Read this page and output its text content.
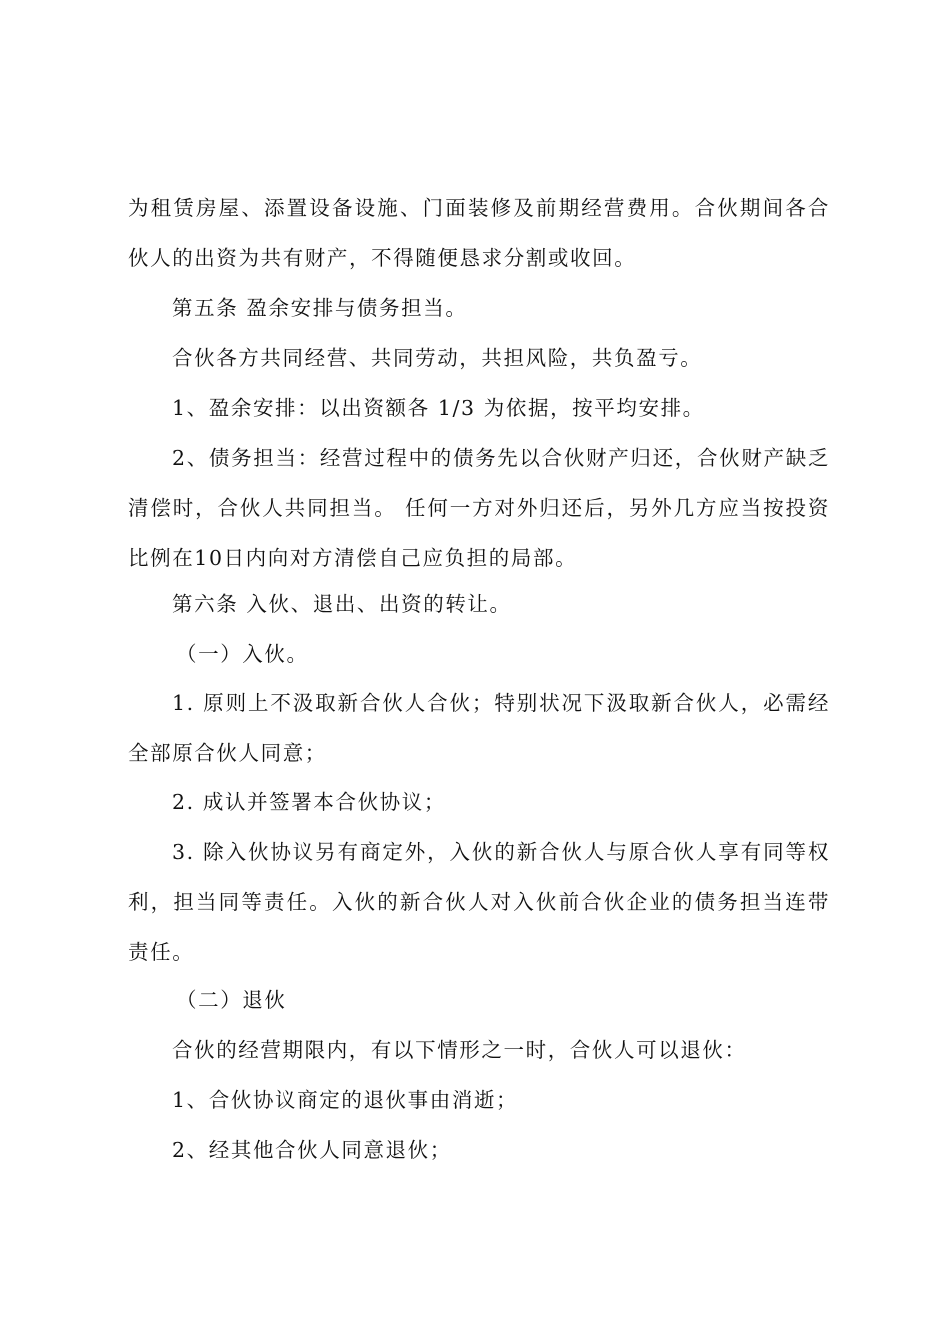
为租赁房屋、添置设备设施、门面装修及前期经营费用。合伙期间各合伙人的出资为共有财产，不得随便恳求分割或收回。

第五条 盈余安排与债务担当。

合伙各方共同经营、共同劳动，共担风险，共负盈亏。

1、盈余安排：以出资额各 1/3 为依据，按平均安排。

2、债务担当：经营过程中的债务先以合伙财产归还，合伙财产缺乏清偿时，合伙人共同担当。 任何一方对外归还后，另外几方应当按投资比例在10日内向对方清偿自己应负担的局部。

第六条 入伙、退出、出资的转让。

（一）入伙。

1. 原则上不汲取新合伙人合伙；特别状况下汲取新合伙人，必需经全部原合伙人同意；

2. 成认并签署本合伙协议；

3. 除入伙协议另有商定外，入伙的新合伙人与原合伙人享有同等权利，担当同等责任。入伙的新合伙人对入伙前合伙企业的债务担当连带责任。

（二）退伙

合伙的经营期限内，有以下情形之一时，合伙人可以退伙：

1、合伙协议商定的退伙事由消逝；

2、经其他合伙人同意退伙；
